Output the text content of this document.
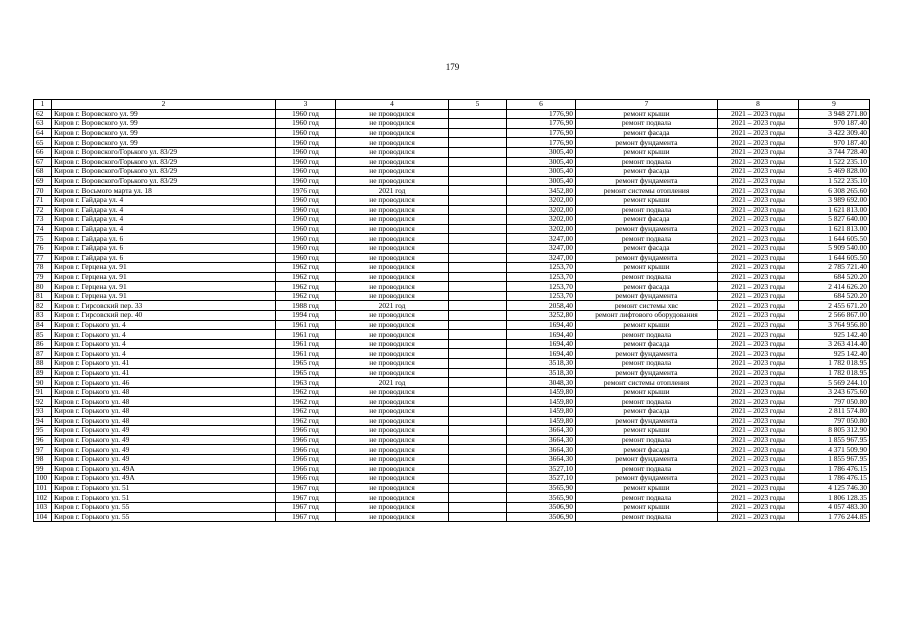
179
1	2	3	4	5	6	7	8	9
62	Киров г. Воровского ул. 99	1960 год	не проводился		1776,90	ремонт крыши	2021 – 2023 годы	3 948 271.80
63	Киров г. Воровского ул. 99	1960 год	не проводился		1776,90	ремонт подвала	2021 – 2023 годы	970 187.40
64	Киров г. Воровского ул. 99	1960 год	не проводился		1776,90	ремонт фасада	2021 – 2023 годы	3 422 309.40
65	Киров г. Воровского ул. 99	1960 год	не проводился		1776,90	ремонт фундамента	2021 – 2023 годы	970 187.40
66	Киров г. Воровского/Горького ул. 83/29	1960 год	не проводился		3005,40	ремонт крыши	2021 – 2023 годы	3 744 728.40
67	Киров г. Воровского/Горького ул. 83/29	1960 год	не проводился		3005,40	ремонт подвала	2021 – 2023 годы	1 522 235.10
68	Киров г. Воровского/Горького ул. 83/29	1960 год	не проводился		3005,40	ремонт фасада	2021 – 2023 годы	5 469 828.00
69	Киров г. Воровского/Горького ул. 83/29	1960 год	не проводился		3005,40	ремонт фундамента	2021 – 2023 годы	1 522 235.10
70	Киров г. Восьмого марта ул. 18	1976 год	2021 год		3452,80	ремонт системы отопления	2021 – 2023 годы	6 308 265.60
71	Киров г. Гайдара ул. 4	1960 год	не проводился		3202,00	ремонт крыши	2021 – 2023 годы	3 989 692.00
72	Киров г. Гайдара ул. 4	1960 год	не проводился		3202,00	ремонт подвала	2021 – 2023 годы	1 621 813.00
73	Киров г. Гайдара ул. 4	1960 год	не проводился		3202,00	ремонт фасада	2021 – 2023 годы	5 827 640.00
74	Киров г. Гайдара ул. 4	1960 год	не проводился		3202,00	ремонт фундамента	2021 – 2023 годы	1 621 813.00
75	Киров г. Гайдара ул. 6	1960 год	не проводился		3247,00	ремонт подвала	2021 – 2023 годы	1 644 605.50
76	Киров г. Гайдара ул. 6	1960 год	не проводился		3247,00	ремонт фасада	2021 – 2023 годы	5 909 540.00
77	Киров г. Гайдара ул. 6	1960 год	не проводился		3247,00	ремонт фундамента	2021 – 2023 годы	1 644 605.50
78	Киров г. Герцена ул. 91	1962 год	не проводился		1253,70	ремонт крыши	2021 – 2023 годы	2 785 721.40
79	Киров г. Герцена ул. 91	1962 год	не проводился		1253,70	ремонт подвала	2021 – 2023 годы	684 520.20
80	Киров г. Герцена ул. 91	1962 год	не проводился		1253,70	ремонт фасада	2021 – 2023 годы	2 414 626.20
81	Киров г. Герцена ул. 91	1962 год	не проводился		1253,70	ремонт фундамента	2021 – 2023 годы	684 520.20
82	Киров г. Гирсовский пер. 33	1988 год	2021 год		2058,40	ремонт системы хвс	2021 – 2023 годы	2 455 671.20
83	Киров г. Гирсовский пер. 40	1994 год	не проводился		3252,80	ремонт лифтового оборудования	2021 – 2023 годы	2 566 867.00
84	Киров г. Горького ул. 4	1961 год	не проводился		1694,40	ремонт крыши	2021 – 2023 годы	3 764 956.80
85	Киров г. Горького ул. 4	1961 год	не проводился		1694,40	ремонт подвала	2021 – 2023 годы	925 142.40
86	Киров г. Горького ул. 4	1961 год	не проводился		1694,40	ремонт фасада	2021 – 2023 годы	3 263 414.40
87	Киров г. Горького ул. 4	1961 год	не проводился		1694,40	ремонт фундамента	2021 – 2023 годы	925 142.40
88	Киров г. Горького ул. 41	1965 год	не проводился		3518,30	ремонт подвала	2021 – 2023 годы	1 782 018.95
89	Киров г. Горького ул. 41	1965 год	не проводился		3518,30	ремонт фундамента	2021 – 2023 годы	1 782 018.95
90	Киров г. Горького ул. 46	1963 год	2021 год		3048,30	ремонт системы отопления	2021 – 2023 годы	5 569 244.10
91	Киров г. Горького ул. 48	1962 год	не проводился		1459,80	ремонт крыши	2021 – 2023 годы	3 243 675.60
92	Киров г. Горького ул. 48	1962 год	не проводился		1459,80	ремонт подвала	2021 – 2023 годы	797 050.80
93	Киров г. Горького ул. 48	1962 год	не проводился		1459,80	ремонт фасада	2021 – 2023 годы	2 811 574.80
94	Киров г. Горького ул. 48	1962 год	не проводился		1459,80	ремонт фундамента	2021 – 2023 годы	797 050.80
95	Киров г. Горького ул. 49	1966 год	не проводился		3664,30	ремонт крыши	2021 – 2023 годы	8 805 312.90
96	Киров г. Горького ул. 49	1966 год	не проводился		3664,30	ремонт подвала	2021 – 2023 годы	1 855 967.95
97	Киров г. Горького ул. 49	1966 год	не проводился		3664,30	ремонт фасада	2021 – 2023 годы	4 371 509.90
98	Киров г. Горького ул. 49	1966 год	не проводился		3664,30	ремонт фундамента	2021 – 2023 годы	1 855 967.95
99	Киров г. Горького ул. 49А	1966 год	не проводился		3527,10	ремонт подвала	2021 – 2023 годы	1 786 476.15
100	Киров г. Горького ул. 49А	1966 год	не проводился		3527,10	ремонт фундамента	2021 – 2023 годы	1 786 476.15
101	Киров г. Горького ул. 51	1967 год	не проводился		3565,90	ремонт крыши	2021 – 2023 годы	4 125 746.30
102	Киров г. Горького ул. 51	1967 год	не проводился		3565,90	ремонт подвала	2021 – 2023 годы	1 806 128.35
103	Киров г. Горького ул. 55	1967 год	не проводился		3506,90	ремонт крыши	2021 – 2023 годы	4 057 483.30
104	Киров г. Горького ул. 55	1967 год	не проводился		3506,90	ремонт подвала	2021 – 2023 годы	1 776 244.85
